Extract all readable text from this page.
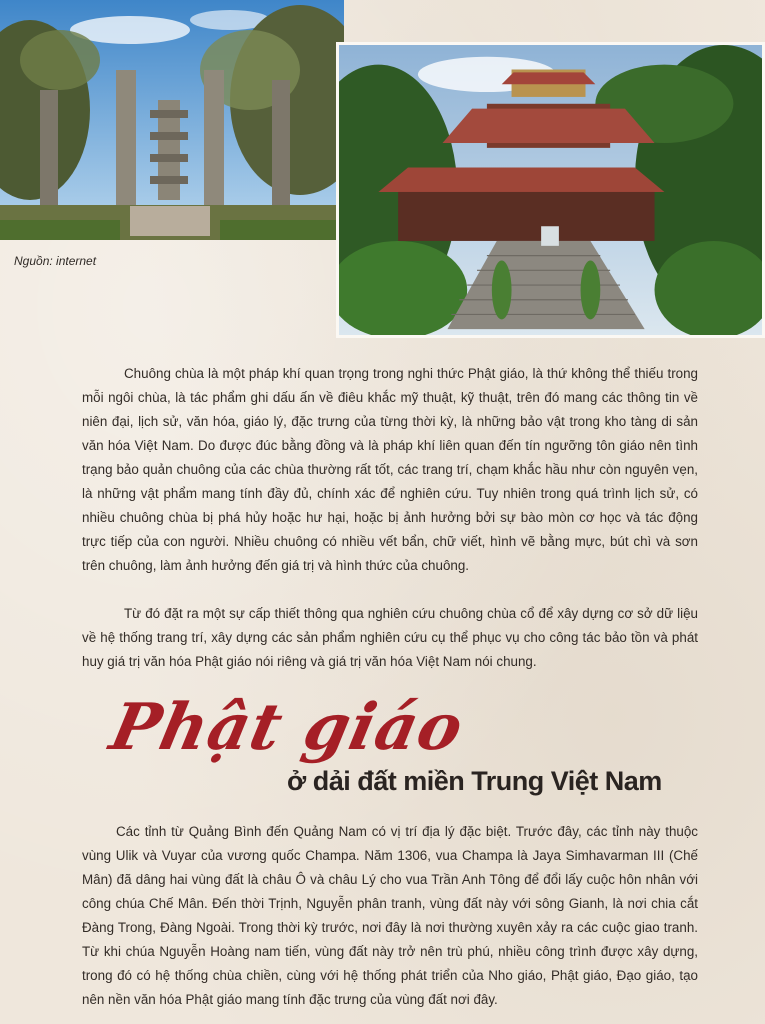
Nguồn: internet

Chuông chùa là một pháp khí quan trọng trong nghi thức Phật giáo, là thứ không thể thiếu trong mỗi ngôi chùa, là tác phẩm ghi dấu ấn về điêu khắc mỹ thuật, kỹ thuật, trên đó mang các thông tin về niên đại, lịch sử, văn hóa, giáo lý, đặc trưng của từng thời kỳ, là những bảo vật trong kho tàng di sản văn hóa Việt Nam. Do được đúc bằng đồng và là pháp khí liên quan đến tín ngưỡng tôn giáo nên tình trạng bảo quản chuông của các chùa thường rất tốt, các trang trí, chạm khắc hầu như còn nguyên vẹn, là những vật phẩm mang tính đầy đủ, chính xác để nghiên cứu. Tuy nhiên trong quá trình lịch sử, có nhiều chuông chùa bị phá hủy hoặc hư hại, hoặc bị ảnh hưởng bởi sự bào mòn cơ học và tác động trực tiếp của con người. Nhiều chuông có nhiều vết bẩn, chữ viết, hình vẽ bằng mực, bút chì và sơn trên chuông, làm ảnh hưởng đến giá trị và hình thức của chuông.

Từ đó đặt ra một sự cấp thiết thông qua nghiên cứu chuông chùa cổ để xây dựng cơ sở dữ liệu về hệ thống trang trí, xây dựng các sản phẩm nghiên cứu cụ thể phục vụ cho công tác bảo tồn và phát huy giá trị văn hóa Phật giáo nói riêng và giá trị văn hóa Việt Nam nói chung.

Phật giáo
ở dải đất miền Trung Việt Nam

Các tỉnh từ Quảng Bình đến Quảng Nam có vị trí địa lý đặc biệt. Trước đây, các tỉnh này thuộc vùng Ulik và Vuyar của vương quốc Champa. Năm 1306, vua Champa là Jaya Simhavarman III (Chế Mân) đã dâng hai vùng đất là châu Ô và châu Lý cho vua Trần Anh Tông để đổi lấy cuộc hôn nhân với công chúa Chế Mân. Đến thời Trịnh, Nguyễn phân tranh, vùng đất này với sông Gianh, là nơi chia cắt Đàng Trong, Đàng Ngoài. Trong thời kỳ trước, nơi đây là nơi thường xuyên xảy ra các cuộc giao tranh. Từ khi chúa Nguyễn Hoàng nam tiến, vùng đất này trở nên trù phú, nhiều công trình được xây dựng, trong đó có hệ thống chùa chiền, cùng với hệ thống phát triển của Nho giáo, Phật giáo, Đạo giáo, tạo nên nền văn hóa Phật giáo mang tính đặc trưng của vùng đất nơi đây.
